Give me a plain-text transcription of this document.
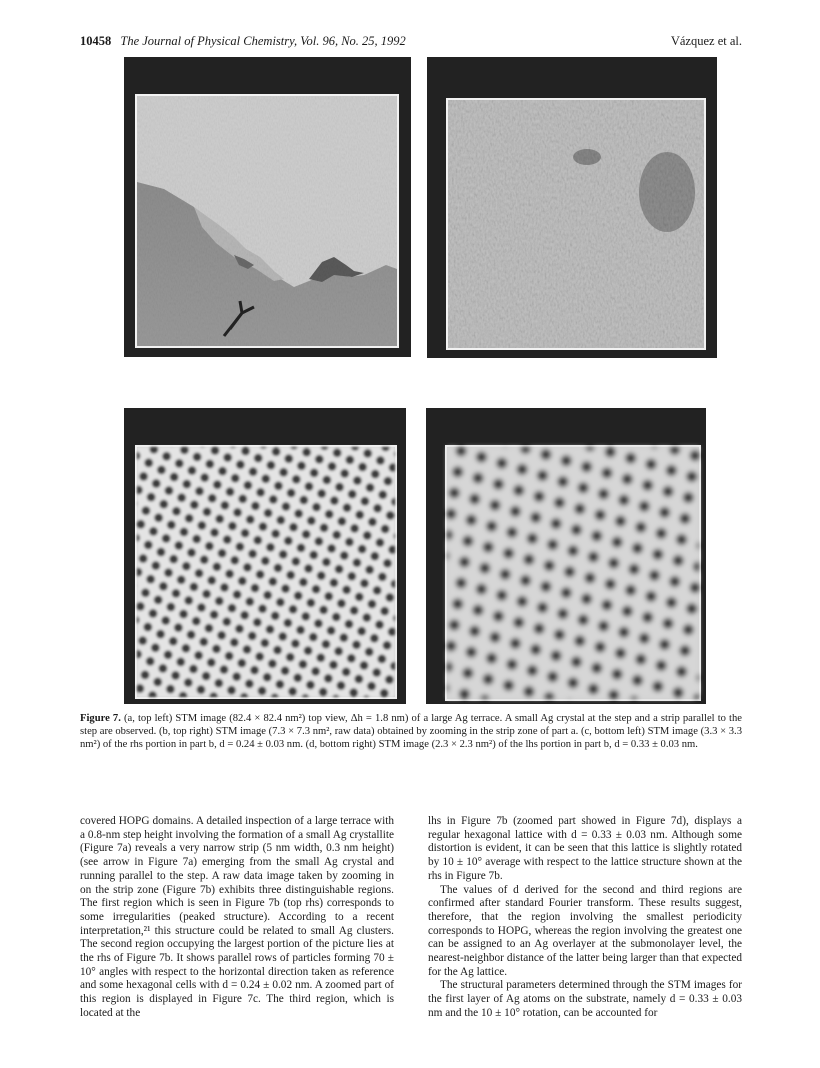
10458 The Journal of Physical Chemistry, Vol. 96, No. 25, 1992	Vázquez et al.

Figure 7. (a, top left) STM image (82.4 × 82.4 nm²) top view, Δh = 1.8 nm) of a large Ag terrace. A small Ag crystal at the step and a strip parallel to the step are observed. (b, top right) STM image (7.3 × 7.3 nm², raw data) obtained by zooming in the strip zone of part a. (c, bottom left) STM image (3.3 × 3.3 nm²) of the rhs portion in part b, d = 0.24 ± 0.03 nm. (d, bottom right) STM image (2.3 × 2.3 nm²) of the lhs portion in part b, d = 0.33 ± 0.03 nm.

covered HOPG domains. A detailed inspection of a large terrace with a 0.8-nm step height involving the formation of a small Ag crystallite (Figure 7a) reveals a very narrow strip (5 nm width, 0.3 nm height) (see arrow in Figure 7a) emerging from the small Ag crystal and running parallel to the step. A raw data image taken by zooming in on the strip zone (Figure 7b) exhibits three distinguishable regions. The first region which is seen in Figure 7b (top rhs) corresponds to some irregularities (peaked structure). According to a recent interpretation,²¹ this structure could be related to small Ag clusters. The second region occupying the largest portion of the picture lies at the rhs of Figure 7b. It shows parallel rows of particles forming 70 ± 10° angles with respect to the horizontal direction taken as reference and some hexagonal cells with d = 0.24 ± 0.02 nm. A zoomed part of this region is displayed in Figure 7c. The third region, which is located at the

lhs in Figure 7b (zoomed part showed in Figure 7d), displays a regular hexagonal lattice with d = 0.33 ± 0.03 nm. Although some distortion is evident, it can be seen that this lattice is slightly rotated by 10 ± 10° average with respect to the lattice structure shown at the rhs in Figure 7b.

The values of d derived for the second and third regions are confirmed after standard Fourier transform. These results suggest, therefore, that the region involving the smallest periodicity corresponds to HOPG, whereas the region involving the greatest one can be assigned to an Ag overlayer at the submonolayer level, the nearest-neighbor distance of the latter being larger than that expected for the Ag lattice.

The structural parameters determined through the STM images for the first layer of Ag atoms on the substrate, namely d = 0.33 ± 0.03 nm and the 10 ± 10° rotation, can be accounted for
